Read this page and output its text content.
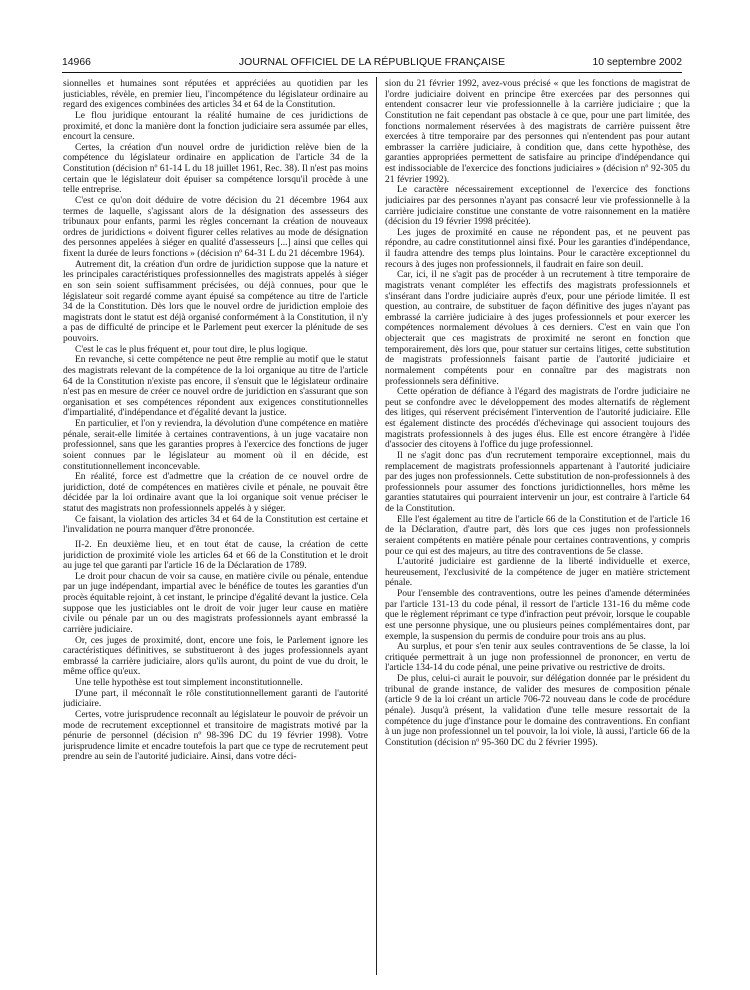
14966	JOURNAL OFFICIEL DE LA RÉPUBLIQUE FRANÇAISE	10 septembre 2002

sionnelles et humaines sont réputées et appréciées au quotidien par les justiciables, révèle, en premier lieu, l'incompétence du législateur ordinaire au regard des exigences combinées des articles 34 et 64 de la Constitution.

Le flou juridique entourant la réalité humaine de ces juridictions de proximité, et donc la manière dont la fonction judiciaire sera assumée par elles, encourt la censure.

Certes, la création d'un nouvel ordre de juridiction relève bien de la compétence du législateur ordinaire en application de l'article 34 de la Constitution (décision nº 61-14 L du 18 juillet 1961, Rec. 38). Il n'est pas moins certain que le législateur doit épuiser sa compétence lorsqu'il procède à une telle entreprise.

C'est ce qu'on doit déduire de votre décision du 21 décembre 1964 aux termes de laquelle, s'agissant alors de la désignation des assesseurs des tribunaux pour enfants, parmi les règles concernant la création de nouveaux ordres de juridictions « doivent figurer celles relatives au mode de désignation des personnes appelées à siéger en qualité d'assesseurs [...] ainsi que celles qui fixent la durée de leurs fonctions » (décision nº 64-31 L du 21 décembre 1964).

Autrement dit, la création d'un ordre de juridiction suppose que la nature et les principales caractéristiques professionnelles des magistrats appelés à siéger en son sein soient suffisamment précisées, ou déjà connues, pour que le législateur soit regardé comme ayant épuisé sa compétence au titre de l'article 34 de la Constitution. Dès lors que le nouvel ordre de juridiction emploie des magistrats dont le statut est déjà organisé conformément à la Constitution, il n'y a pas de difficulté de principe et le Parlement peut exercer la plénitude de ses pouvoirs.

C'est le cas le plus fréquent et, pour tout dire, le plus logique.

En revanche, si cette compétence ne peut être remplie au motif que le statut des magistrats relevant de la compétence de la loi organique au titre de l'article 64 de la Constitution n'existe pas encore, il s'ensuit que le législateur ordinaire n'est pas en mesure de créer ce nouvel ordre de juridiction en s'assurant que son organisation et ses compétences répondent aux exigences constitutionnelles d'impartialité, d'indépendance et d'égalité devant la justice.

En particulier, et l'on y reviendra, la dévolution d'une compétence en matière pénale, serait-elle limitée à certaines contraventions, à un juge vacataire non professionnel, sans que les garanties propres à l'exercice des fonctions de juger soient connues par le législateur au moment où il en décide, est constitutionnellement inconcevable.

En réalité, force est d'admettre que la création de ce nouvel ordre de juridiction, doté de compétences en matières civile et pénale, ne pouvait être décidée par la loi ordinaire avant que la loi organique soit venue préciser le statut des magistrats non professionnels appelés à y siéger.

Ce faisant, la violation des articles 34 et 64 de la Constitution est certaine et l'invalidation ne pourra manquer d'être prononcée.

II-2. En deuxième lieu, et en tout état de cause, la création de cette juridiction de proximité viole les articles 64 et 66 de la Constitution et le droit au juge tel que garanti par l'article 16 de la Déclaration de 1789.

Le droit pour chacun de voir sa cause, en matière civile ou pénale, entendue par un juge indépendant, impartial avec le bénéfice de toutes les garanties d'un procès équitable rejoint, à cet instant, le principe d'égalité devant la justice. Cela suppose que les justiciables ont le droit de voir juger leur cause en matière civile ou pénale par un ou des magistrats professionnels ayant embrassé la carrière judiciaire.

Or, ces juges de proximité, dont, encore une fois, le Parlement ignore les caractéristiques définitives, se substitueront à des juges professionnels ayant embrassé la carrière judiciaire, alors qu'ils auront, du point de vue du droit, le même office qu'eux.

Une telle hypothèse est tout simplement inconstitutionnelle.

D'une part, il méconnaît le rôle constitutionnellement garanti de l'autorité judiciaire.

Certes, votre jurisprudence reconnaît au législateur le pouvoir de prévoir un mode de recrutement exceptionnel et transitoire de magistrats motivé par la pénurie de personnel (décision nº 98-396 DC du 19 février 1998). Votre jurisprudence limite et encadre toutefois la part que ce type de recrutement peut prendre au sein de l'autorité judiciaire. Ainsi, dans votre déci-

sion du 21 février 1992, avez-vous précisé « que les fonctions de magistrat de l'ordre judiciaire doivent en principe être exercées par des personnes qui entendent consacrer leur vie professionnelle à la carrière judiciaire ; que la Constitution ne fait cependant pas obstacle à ce que, pour une part limitée, des fonctions normalement réservées à des magistrats de carrière puissent être exercées à titre temporaire par des personnes qui n'entendent pas pour autant embrasser la carrière judiciaire, à condition que, dans cette hypothèse, des garanties appropriées permettent de satisfaire au principe d'indépendance qui est indissociable de l'exercice des fonctions judiciaires » (décision nº 92-305 du 21 février 1992).

Le caractère nécessairement exceptionnel de l'exercice des fonctions judiciaires par des personnes n'ayant pas consacré leur vie professionnelle à la carrière judiciaire constitue une constante de votre raisonnement en la matière (décision du 19 février 1998 précitée).

Les juges de proximité en cause ne répondent pas, et ne peuvent pas répondre, au cadre constitutionnel ainsi fixé. Pour les garanties d'indépendance, il faudra attendre des temps plus lointains. Pour le caractère exceptionnel du recours à des juges non professionnels, il faudrait en faire son deuil.

Car, ici, il ne s'agit pas de procéder à un recrutement à titre temporaire de magistrats venant compléter les effectifs des magistrats professionnels et s'insérant dans l'ordre judiciaire auprès d'eux, pour une période limitée. Il est question, au contraire, de substituer de façon définitive des juges n'ayant pas embrassé la carrière judiciaire à des juges professionnels et pour exercer les compétences normalement dévolues à ces derniers. C'est en vain que l'on objecterait que ces magistrats de proximité ne seront en fonction que temporairement, dès lors que, pour statuer sur certains litiges, cette substitution de magistrats professionnels faisant partie de l'autorité judiciaire et normalement compétents pour en connaître par des magistrats non professionnels sera définitive.

Cette opération de défiance à l'égard des magistrats de l'ordre judiciaire ne peut se confondre avec le développement des modes alternatifs de règlement des litiges, qui réservent précisément l'intervention de l'autorité judiciaire. Elle est également distincte des procédés d'échevinage qui associent toujours des magistrats professionnels à des juges élus. Elle est encore étrangère à l'idée d'associer des citoyens à l'office du juge professionnel.

Il ne s'agit donc pas d'un recrutement temporaire exceptionnel, mais du remplacement de magistrats professionnels appartenant à l'autorité judiciaire par des juges non professionnels. Cette substitution de non-professionnels à des professionnels pour assumer des fonctions juridictionnelles, hors même les garanties statutaires qui pourraient intervenir un jour, est contraire à l'article 64 de la Constitution.

Elle l'est également au titre de l'article 66 de la Constitution et de l'article 16 de la Déclaration, d'autre part, dès lors que ces juges non professionnels seraient compétents en matière pénale pour certaines contraventions, y compris pour ce qui est des majeurs, au titre des contraventions de 5e classe.

L'autorité judiciaire est gardienne de la liberté individuelle et exerce, heureusement, l'exclusivité de la compétence de juger en matière strictement pénale.

Pour l'ensemble des contraventions, outre les peines d'amende déterminées par l'article 131-13 du code pénal, il ressort de l'article 131-16 du même code que le règlement réprimant ce type d'infraction peut prévoir, lorsque le coupable est une personne physique, une ou plusieurs peines complémentaires dont, par exemple, la suspension du permis de conduire pour trois ans au plus.

Au surplus, et pour s'en tenir aux seules contraventions de 5e classe, la loi critiquée permettrait à un juge non professionnel de prononcer, en vertu de l'article 134-14 du code pénal, une peine privative ou restrictive de droits.

De plus, celui-ci aurait le pouvoir, sur délégation donnée par le président du tribunal de grande instance, de valider des mesures de composition pénale (article 9 de la loi créant un article 706-72 nouveau dans le code de procédure pénale). Jusqu'à présent, la validation d'une telle mesure ressortait de la compétence du juge d'instance pour le domaine des contraventions. En confiant à un juge non professionnel un tel pouvoir, la loi viole, là aussi, l'article 66 de la Constitution (décision nº 95-360 DC du 2 février 1995).
